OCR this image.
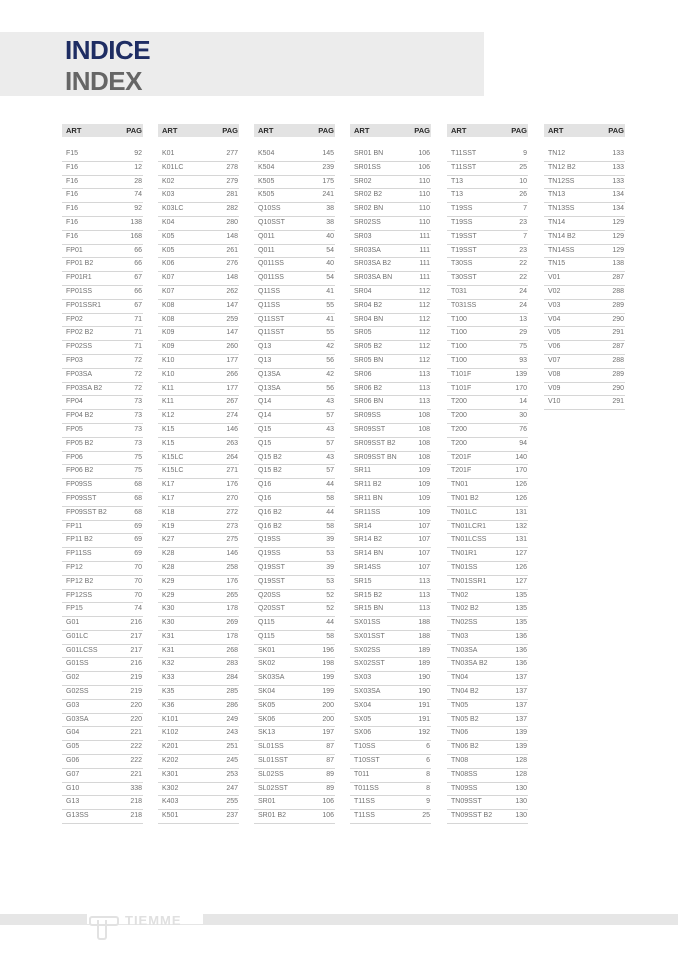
INDICE
INDEX
ART	PAG
F15	92
F16	12
F16	28
F16	74
F16	92
F16	138
F16	168
FP01	66
FP01 B2	66
FP01R1	67
FP01SS	66
FP01SSR1	67
FP02	71
FP02 B2	71
FP02SS	71
FP03	72
FP03SA	72
FP03SA B2	72
FP04	73
FP04 B2	73
FP05	73
FP05 B2	73
FP06	75
FP06 B2	75
FP09SS	68
FP09SST	68
FP09SST B2	68
FP11	69
FP11 B2	69
FP11SS	69
FP12	70
FP12 B2	70
FP12SS	70
FP15	74
G01	216
G01LC	217
G01LCSS	217
G01SS	216
G02	219
G02SS	219
G03	220
G03SA	220
G04	221
G05	222
G06	222
G07	221
G10	338
G13	218
G13SS	218
ART	PAG
K01	277
K01LC	278
K02	279
K03	281
K03LC	282
K04	280
K05	148
K05	261
K06	276
K07	148
K07	262
K08	147
K08	259
K09	147
K09	260
K10	177
K10	266
K11	177
K11	267
K12	274
K15	146
K15	263
K15LC	264
K15LC	271
K17	176
K17	270
K18	272
K19	273
K27	275
K28	146
K28	258
K29	176
K29	265
K30	178
K30	269
K31	178
K31	268
K32	283
K33	284
K35	285
K36	286
K101	249
K102	243
K201	251
K202	245
K301	253
K302	247
K403	255
K501	237
ART	PAG
K504	145
K504	239
K505	175
K505	241
Q10SS	38
Q10SST	38
Q011	40
Q011	54
Q011SS	40
Q011SS	54
Q11SS	41
Q11SS	55
Q11SST	41
Q11SST	55
Q13	42
Q13	56
Q13SA	42
Q13SA	56
Q14	43
Q14	57
Q15	43
Q15	57
Q15 B2	43
Q15 B2	57
Q16	44
Q16	58
Q16 B2	44
Q16 B2	58
Q19SS	39
Q19SS	53
Q19SST	39
Q19SST	53
Q20SS	52
Q20SST	52
Q115	44
Q115	58
SK01	196
SK02	198
SK03SA	199
SK04	199
SK05	200
SK06	200
SK13	197
SL01SS	87
SL01SST	87
SL02SS	89
SL02SST	89
SR01	106
SR01 B2	106
ART	PAG
SR01 BN	106
SR01SS	106
SR02	110
SR02 B2	110
SR02 BN	110
SR02SS	110
SR03	111
SR03SA	111
SR03SA B2	111
SR03SA BN	111
SR04	112
SR04 B2	112
SR04 BN	112
SR05	112
SR05 B2	112
SR05 BN	112
SR06	113
SR06 B2	113
SR06 BN	113
SR09SS	108
SR09SST	108
SR09SST B2	108
SR09SST BN	108
SR11	109
SR11 B2	109
SR11 BN	109
SR11SS	109
SR14	107
SR14 B2	107
SR14 BN	107
SR14SS	107
SR15	113
SR15 B2	113
SR15 BN	113
SX01SS	188
SX01SST	188
SX02SS	189
SX02SST	189
SX03	190
SX03SA	190
SX04	191
SX05	191
SX06	192
T10SS	6
T10SST	6
T011	8
T011SS	8
T11SS	9
T11SS	25
ART	PAG
T11SST	9
T11SST	25
T13	10
T13	26
T19SS	7
T19SS	23
T19SST	7
T19SST	23
T30SS	22
T30SST	22
T031	24
T031SS	24
T100	13
T100	29
T100	75
T100	93
T101F	139
T101F	170
T200	14
T200	30
T200	76
T200	94
T201F	140
T201F	170
TN01	126
TN01 B2	126
TN01LC	131
TN01LCR1	132
TN01LCSS	131
TN01R1	127
TN01SS	126
TN01SSR1	127
TN02	135
TN02 B2	135
TN02SS	135
TN03	136
TN03SA	136
TN03SA B2	136
TN04	137
TN04 B2	137
TN05	137
TN05 B2	137
TN06	139
TN06 B2	139
TN08	128
TN08SS	128
TN09SS	130
TN09SST	130
TN09SST B2	130
ART	PAG
TN12	133
TN12 B2	133
TN12SS	133
TN13	134
TN13SS	134
TN14	129
TN14 B2	129
TN14SS	129
TN15	138
V01	287
V02	288
V03	289
V04	290
V05	291
V06	287
V07	288
V08	289
V09	290
V10	291
TIEMME
